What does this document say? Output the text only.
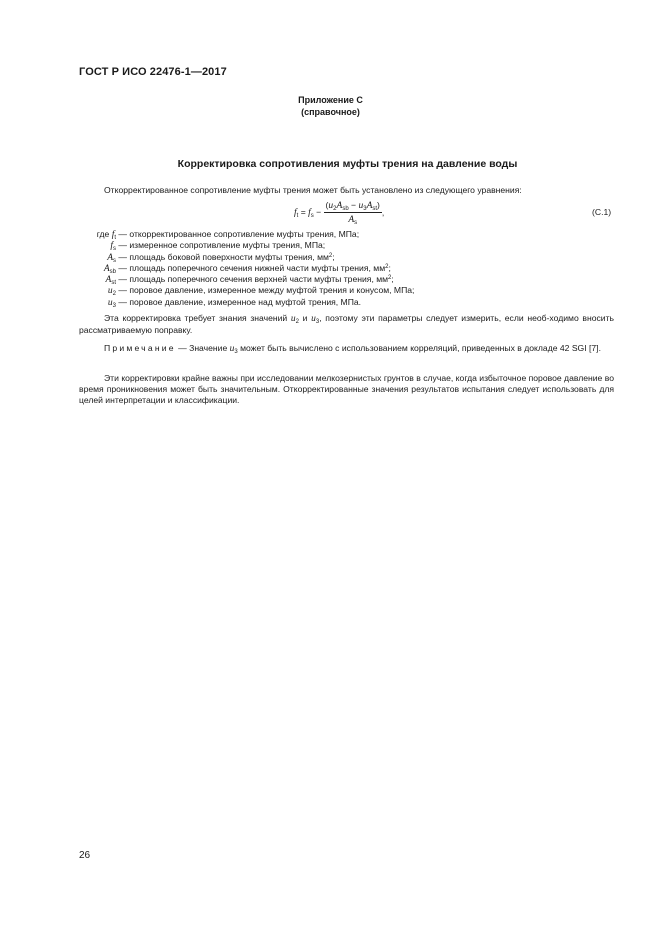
ГОСТ Р ИСО 22476-1—2017
Приложение С
(справочное)
Корректировка сопротивления муфты трения на давление воды
Откорректированное сопротивление муфты трения может быть установлено из следующего уравнения:
$f_t = f_s - \frac{(u_2A_{sb} - u_3A_{st})}{A_s}$ ,	(С.1)
где $f_t$ — откорректированное сопротивление муфты трения, МПа;
$f_s$ — измеренное сопротивление муфты трения, МПа;
$A_s$ — площадь боковой поверхности муфты трения, $мм^2$;
$A_{sb}$ — площадь поперечного сечения нижней части муфты трения, $мм^2$;
$A_{st}$ — площадь поперечного сечения верхней части муфты трения, $мм^2$;
$u_2$ — поровое давление, измеренное между муфтой трения и конусом, МПа;
$u_3$ — поровое давление, измеренное над муфтой трения, МПа.
Эта корректировка требует знания значений $u_2$ и $u_3$, поэтому эти параметры следует измерить, если необ-ходимо вносить рассматриваемую поправку.
Примечание — Значение $u_3$ может быть вычислено с использованием корреляций, приведенных в докладе 42 SGI [7].
Эти корректировки крайне важны при исследовании мелкозернистых грунтов в случае, когда избыточное поровое давление во время проникновения может быть значительным. Откорректированные значения результатов испытания следует использовать для целей интерпретации и классификации.
26
